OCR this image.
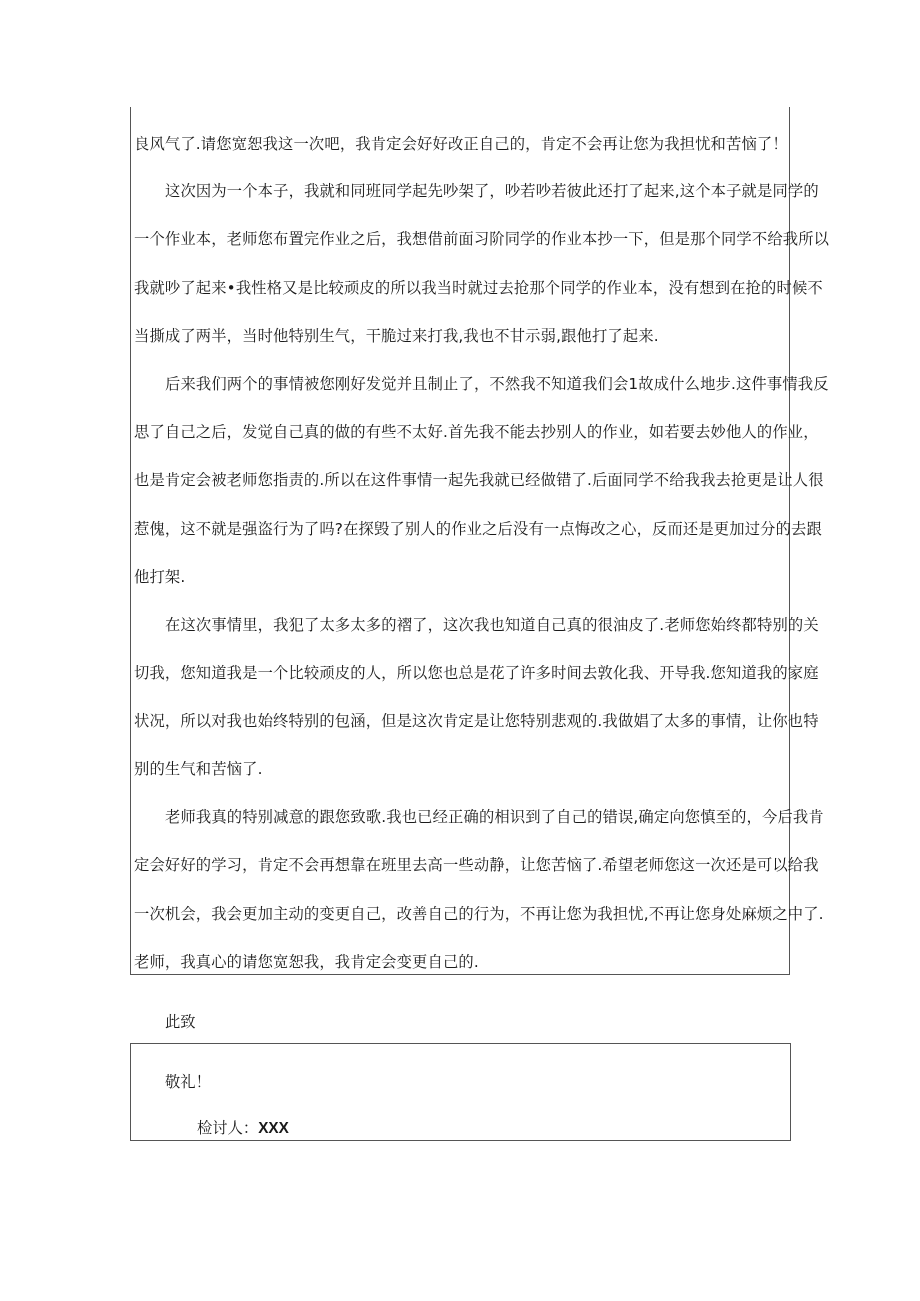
良风气了.请您宽恕我这一次吧，我肯定会好好改正自己的，肯定不会再让您为我担忧和苦恼了！
这次因为一个本子，我就和同班同学起先吵架了，吵若吵若彼此还打了起来,这个本子就是同学的
一个作业本，老师您布置完作业之后，我想借前面习阶同学的作业本抄一下，但是那个同学不给我所以
我就吵了起来•我性格又是比较顽皮的所以我当时就过去抢那个同学的作业本，没有想到在抢的时候不
当撕成了两半，当时他特别生气，干脆过来打我,我也不甘示弱,跟他打了起来.
后来我们两个的事情被您刚好发觉并且制止了，不然我不知道我们会1故成什么地步.这件事情我反
思了自己之后，发觉自己真的做的有些不太好.首先我不能去抄别人的作业，如若要去妙他人的作业，
也是肯定会被老师您指责的.所以在这件事情一起先我就已经做错了.后面同学不给我我去抢更是让人很
惹傀，这不就是强盗行为了吗?在探毁了别人的作业之后没有一点悔改之心，反而还是更加过分的去跟
他打架.
在这次事情里，我犯了太多太多的褶了，这次我也知道自己真的很油皮了.老师您始终都特别的关
切我，您知道我是一个比较顽皮的人，所以您也总是花了许多时间去敦化我、开导我.您知道我的家庭
状况，所以对我也始终特别的包涵，但是这次肯定是让您特别悲观的.我做娼了太多的事情，让你也特
别的生气和苦恼了.
老师我真的特别减意的跟您致歌.我也已经正确的相识到了自己的错误,确定向您慎至的，今后我肯
定会好好的学习，肯定不会再想靠在班里去高一些动静，让您苦恼了.希望老师您这一次还是可以给我
一次机会，我会更加主动的变更自己，改善自己的行为，不再让您为我担忧,不再让您身处麻烦之中了.
老师，我真心的请您宽恕我，我肯定会变更自己的.
此致
敬礼！
检讨人：XXX
